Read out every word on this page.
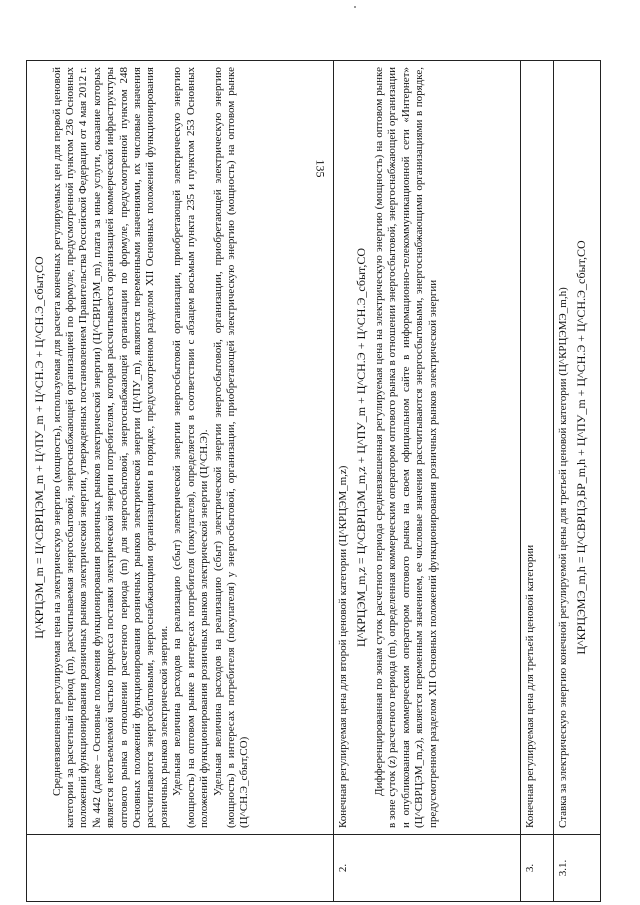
135

	Ц^КРЦЭМ_m = Ц^СВРЦЭМ_m + Ц^ПУ_m + Ц^СН.Э + Ц^СН.Э_сбыт,СО Средневзвешенная регулируемая цена на электрическую энергию (мощность), используемая для расчета конечных регулируемых цен для первой ценовой категории за расчетный период (m), рассчитываемая энергосбытовой, энергоснабжающей организацией по формуле, предусмотренной пунктом 236 Основных положений функционирования розничных рынков электрической энергии, утвержденных постановлением Правительства Российской Федерации от 4 мая 2012 г. № 442 (далее – Основные положения функционирования розничных рынков электрической энергии) (Ц^СВРЦЭМ_m), плата за иные услуги, оказание которых является неотъемлемой частью процесса поставки электрической энергии потребителям, которая рассчитывается организацией коммерческой инфраструктуры оптового рынка в отношении расчетного периода (m) для энергосбытовой, энергоснабжающей организации по формуле, предусмотренной пунктом 248 Основных положений функционирования розничных рынков электрической энергии (Ц^ПУ_m), являются переменными значениями, их числовые значения рассчитываются энергосбытовыми, энергоснабжающими организациями в порядке, предусмотренном разделом XII Основных положений функционирования розничных рынков электрической энергии. Удельная величина расходов на реализацию (сбыт) электрической энергии энергосбытовой организации, приобретающей электрическую энергию (мощность) на оптовом рынке в интересах потребителя (покупателя), определяется в соответствии с абзацем восьмым пункта 235 и пунктом 253 Основных положений функционирования розничных рынков электрической энергии (Ц^СН.Э). Удельная величина расходов на реализацию (сбыт) электрической энергии энергосбытовой, организации, приобретающей электрическую энергию (мощность) в интересах потребителя (покупателя) у энергосбытовой, организации, приобретающей электрическую энергию (мощность) на оптовом рынке (Ц^СН.Э_сбыт,СО)

2.	Конечная регулируемая цена для второй ценовой категории (Ц^КРЦЭМ_m,z) Ц^КРЦЭМ_m,z = Ц^СВРЦЭМ_m,z + Ц^ПУ_m + Ц^СН.Э + Ц^СН.Э_сбыт,СО Дифференцированная по зонам суток расчетного периода средневзвешенная регулируемая цена на электрическую энергию (мощность) на оптовом рынке в зоне суток (z) расчетного периода (m), определенная коммерческим оператором оптового рынка в отношении энергосбытовой, энергоснабжающей организации и опубликованная коммерческим оператором оптового рынка на своем официальном сайте в информационно-телекоммуникационной сети «Интернет» (Ц^СВРЦЭМ_m,z), является переменным значением, ее числовые значения рассчитываются энергосбытовыми, энергоснабжающими организациями в порядке, предусмотренном разделом XII Основных положений функционирования розничных рынков электрической энергии

3.	Конечная регулируемая цена для третьей ценовой категории

3.1.	Ставка за электрическую энергию конечной регулируемой цены для третьей ценовой категории (Ц^КРЦЭМЭ_m,h) Ц^КРЦЭМЭ_m,h = Ц^СВРЦЭ,БР_m,h + Ц^ПУ_m + Ц^СН.Э + Ц^СН.Э_сбыт,СО
